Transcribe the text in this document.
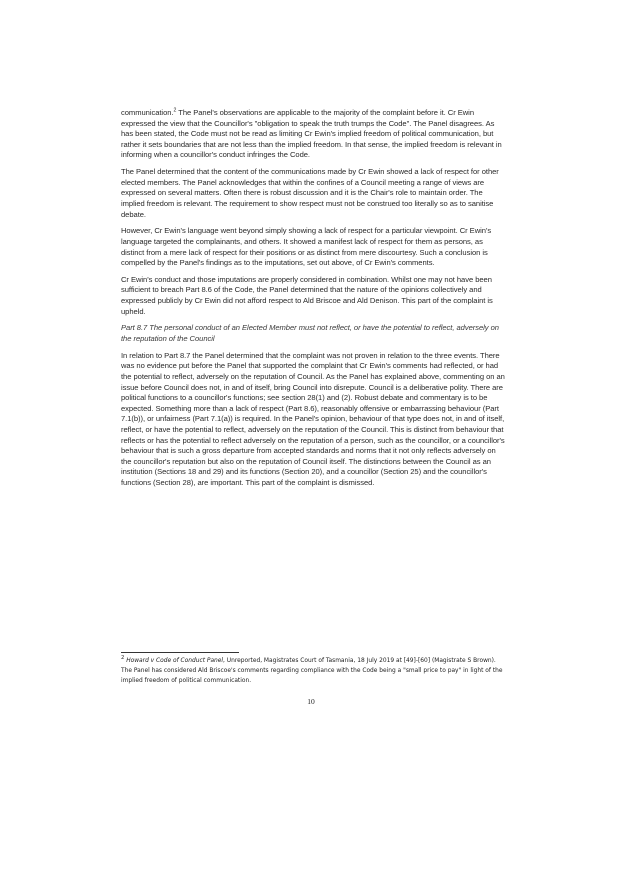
communication.$^2$ The Panel's observations are applicable to the majority of the complaint before it. Cr Ewin expressed the view that the Councillor's "obligation to speak the truth trumps the Code". The Panel disagrees. As has been stated, the Code must not be read as limiting Cr Ewin's implied freedom of political communication, but rather it sets boundaries that are not less than the implied freedom. In that sense, the implied freedom is relevant in informing when a councillor's conduct infringes the Code.

The Panel determined that the content of the communications made by Cr Ewin showed a lack of respect for other elected members. The Panel acknowledges that within the confines of a Council meeting a range of views are expressed on several matters. Often there is robust discussion and it is the Chair's role to maintain order. The implied freedom is relevant. The requirement to show respect must not be construed too literally so as to sanitise debate.

However, Cr Ewin's language went beyond simply showing a lack of respect for a particular viewpoint. Cr Ewin's language targeted the complainants, and others. It showed a manifest lack of respect for them as persons, as distinct from a mere lack of respect for their positions or as distinct from mere discourtesy. Such a conclusion is compelled by the Panel's findings as to the imputations, set out above, of Cr Ewin's comments.

Cr Ewin's conduct and those imputations are properly considered in combination. Whilst one may not have been sufficient to breach Part 8.6 of the Code, the Panel determined that the nature of the opinions collectively and expressed publicly by Cr Ewin did not afford respect to Ald Briscoe and Ald Denison. This part of the complaint is upheld.

Part 8.7 The personal conduct of an Elected Member must not reflect, or have the potential to reflect, adversely on the reputation of the Council

In relation to Part 8.7 the Panel determined that the complaint was not proven in relation to the three events. There was no evidence put before the Panel that supported the complaint that Cr Ewin's comments had reflected, or had the potential to reflect, adversely on the reputation of Council. As the Panel has explained above, commenting on an issue before Council does not, in and of itself, bring Council into disrepute. Council is a deliberative polity. There are political functions to a councillor's functions; see section 28(1) and (2). Robust debate and commentary is to be expected. Something more than a lack of respect (Part 8.6), reasonably offensive or embarrassing behaviour (Part 7.1(b)), or unfairness (Part 7.1(a)) is required. In the Panel's opinion, behaviour of that type does not, in and of itself, reflect, or have the potential to reflect, adversely on the reputation of the Council. This is distinct from behaviour that reflects or has the potential to reflect adversely on the reputation of a person, such as the councillor, or a councillor's behaviour that is such a gross departure from accepted standards and norms that it not only reflects adversely on the councillor's reputation but also on the reputation of Council itself. The distinctions between the Council as an institution (Sections 18 and 29) and its functions (Section 20), and a councillor (Section 25) and the councillor's functions (Section 28), are important. This part of the complaint is dismissed.

$^2$ Howard v Code of Conduct Panel, Unreported, Magistrates Court of Tasmania, 18 July 2019 at [49]-[60] (Magistrate S Brown). The Panel has considered Ald Briscoe's comments regarding compliance with the Code being a "small price to pay" in light of the implied freedom of political communication.
10
